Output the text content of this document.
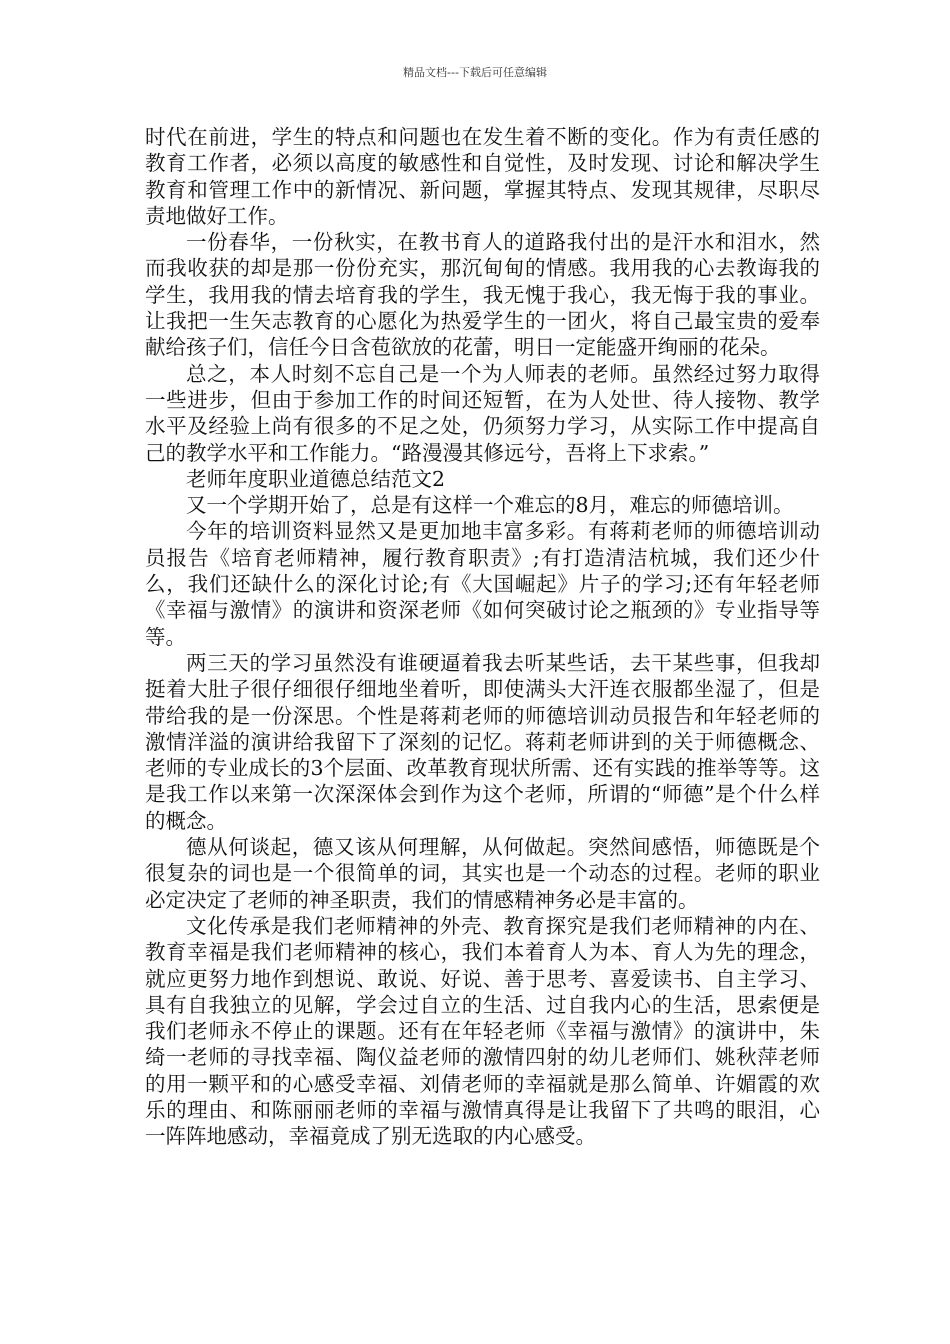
精品文档---下载后可任意编辑

时代在前进，学生的特点和问题也在发生着不断的变化。作为有责任感的教育工作者，必须以高度的敏感性和自觉性，及时发现、讨论和解决学生教育和管理工作中的新情况、新问题，掌握其特点、发现其规律，尽职尽责地做好工作。

一份春华，一份秋实，在教书育人的道路我付出的是汗水和泪水，然而我收获的却是那一份份充实，那沉甸甸的情感。我用我的心去教诲我的学生，我用我的情去培育我的学生，我无愧于我心，我无悔于我的事业。让我把一生矢志教育的心愿化为热爱学生的一团火，将自己最宝贵的爱奉献给孩子们，信任今日含苞欲放的花蕾，明日一定能盛开绚丽的花朵。

总之，本人时刻不忘自己是一个为人师表的老师。虽然经过努力取得一些进步，但由于参加工作的时间还短暂，在为人处世、待人接物、教学水平及经验上尚有很多的不足之处，仍须努力学习，从实际工作中提高自己的教学水平和工作能力。“路漫漫其修远兮，吾将上下求索。”

老师年度职业道德总结范文2

又一个学期开始了，总是有这样一个难忘的8月，难忘的师德培训。

今年的培训资料显然又是更加地丰富多彩。有蒋莉老师的师德培训动员报告《培育老师精神，履行教育职责》;有打造清洁杭城，我们还少什么，我们还缺什么的深化讨论;有《大国崛起》片子的学习;还有年轻老师《幸福与激情》的演讲和资深老师《如何突破讨论之瓶颈的》专业指导等等。

两三天的学习虽然没有谁硬逼着我去听某些话，去干某些事，但我却挺着大肚子很仔细很仔细地坐着听，即使满头大汗连衣服都坐湿了，但是带给我的是一份深思。个性是蒋莉老师的师德培训动员报告和年轻老师的激情洋溢的演讲给我留下了深刻的记忆。蒋莉老师讲到的关于师德概念、老师的专业成长的3个层面、改革教育现状所需、还有实践的推举等等。这是我工作以来第一次深深体会到作为这个老师，所谓的“师德”是个什么样的概念。

德从何谈起，德又该从何理解，从何做起。突然间感悟，师德既是个很复杂的词也是一个很简单的词，其实也是一个动态的过程。老师的职业必定决定了老师的神圣职责，我们的情感精神务必是丰富的。

文化传承是我们老师精神的外壳、教育探究是我们老师精神的内在、教育幸福是我们老师精神的核心，我们本着育人为本、育人为先的理念，就应更努力地作到想说、敢说、好说、善于思考、喜爱读书、自主学习、具有自我独立的见解，学会过自立的生活、过自我内心的生活，思索便是我们老师永不停止的课题。还有在年轻老师《幸福与激情》的演讲中，朱绮一老师的寻找幸福、陶仪益老师的激情四射的幼儿老师们、姚秋萍老师的用一颗平和的心感受幸福、刘倩老师的幸福就是那么简单、许媚霞的欢乐的理由、和陈丽丽老师的幸福与激情真得是让我留下了共鸣的眼泪，心一阵阵地感动，幸福竟成了别无选取的内心感受。
